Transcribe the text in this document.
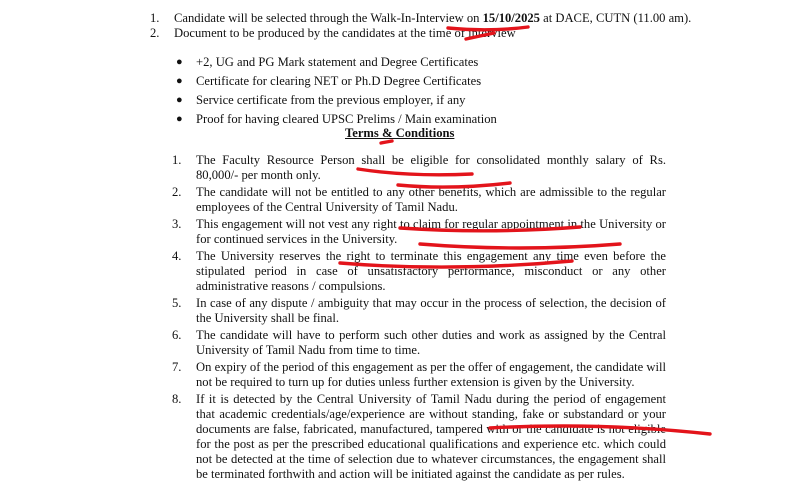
1. Candidate will be selected through the Walk-In-Interview on 15/10/2025 at DACE, CUTN (11.00 am).
2. Document to be produced by the candidates at the time of interview
● +2, UG and PG Mark statement and Degree Certificates
● Certificate for clearing NET or Ph.D Degree Certificates
● Service certificate from the previous employer, if any
● Proof for having cleared UPSC Prelims / Main examination
Terms & Conditions
1. The Faculty Resource Person shall be eligible for consolidated monthly salary of Rs. 80,000/- per month only.
2. The candidate will not be entitled to any other benefits, which are admissible to the regular employees of the Central University of Tamil Nadu.
3. This engagement will not vest any right to claim for regular appointment in the University or for continued services in the University.
4. The University reserves the right to terminate this engagement any time even before the stipulated period in case of unsatisfactory performance, misconduct or any other administrative reasons / compulsions.
5. In case of any dispute / ambiguity that may occur in the process of selection, the decision of the University shall be final.
6. The candidate will have to perform such other duties and work as assigned by the Central University of Tamil Nadu from time to time.
7. On expiry of the period of this engagement as per the offer of engagement, the candidate will not be required to turn up for duties unless further extension is given by the University.
8. If it is detected by the Central University of Tamil Nadu during the period of engagement that academic credentials/age/experience are without standing, fake or substandard or your documents are false, fabricated, manufactured, tampered with or the candidate is not eligible for the post as per the prescribed educational qualifications and experience etc. which could not be detected at the time of selection due to whatever circumstances, the engagement shall be terminated forthwith and action will be initiated against the candidate as per rules.
